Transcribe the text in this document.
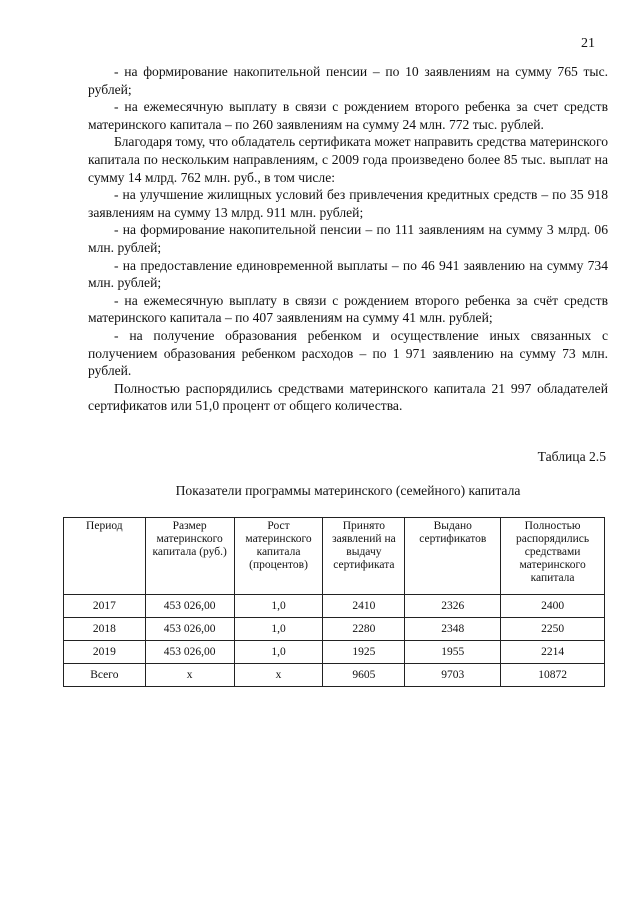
21

- на формирование накопительной пенсии – по 10 заявлениям на сумму 765 тыс. рублей;

- на ежемесячную выплату в связи с рождением второго ребенка за счет средств материнского капитала – по 260 заявлениям на сумму 24 млн. 772 тыс. рублей.

Благодаря тому, что обладатель сертификата может направить средства материнского капитала по нескольким направлениям, с 2009 года произведено более 85 тыс. выплат на сумму 14 млрд. 762 млн. руб., в том числе:

- на улучшение жилищных условий без привлечения кредитных средств – по 35 918 заявлениям на сумму 13 млрд. 911 млн. рублей;

- на формирование накопительной пенсии – по 111 заявлениям на сумму 3 млрд. 06 млн. рублей;

- на предоставление единовременной выплаты – по 46 941 заявлению на сумму 734 млн. рублей;

- на ежемесячную выплату в связи с рождением второго ребенка за счёт средств материнского капитала – по 407 заявлениям на сумму 41 млн. рублей;

- на получение образования ребенком и осуществление иных связанных с получением образования ребенком расходов – по 1 971 заявлению на сумму 73 млн. рублей.

Полностью распорядились средствами материнского капитала 21 997 обладателей сертификатов или 51,0 процент от общего количества.

Таблица 2.5
Показатели программы материнского (семейного) капитала
Период	Размер материнского капитала (руб.)	Рост материнского капитала (процентов)	Принято заявлений на выдачу сертификата	Выдано сертификатов	Полностью распорядились средствами материнского капитала
2017	453 026,00	1,0	2410	2326	2400
2018	453 026,00	1,0	2280	2348	2250
2019	453 026,00	1,0	1925	1955	2214
Всего	х	х	9605	9703	10872
